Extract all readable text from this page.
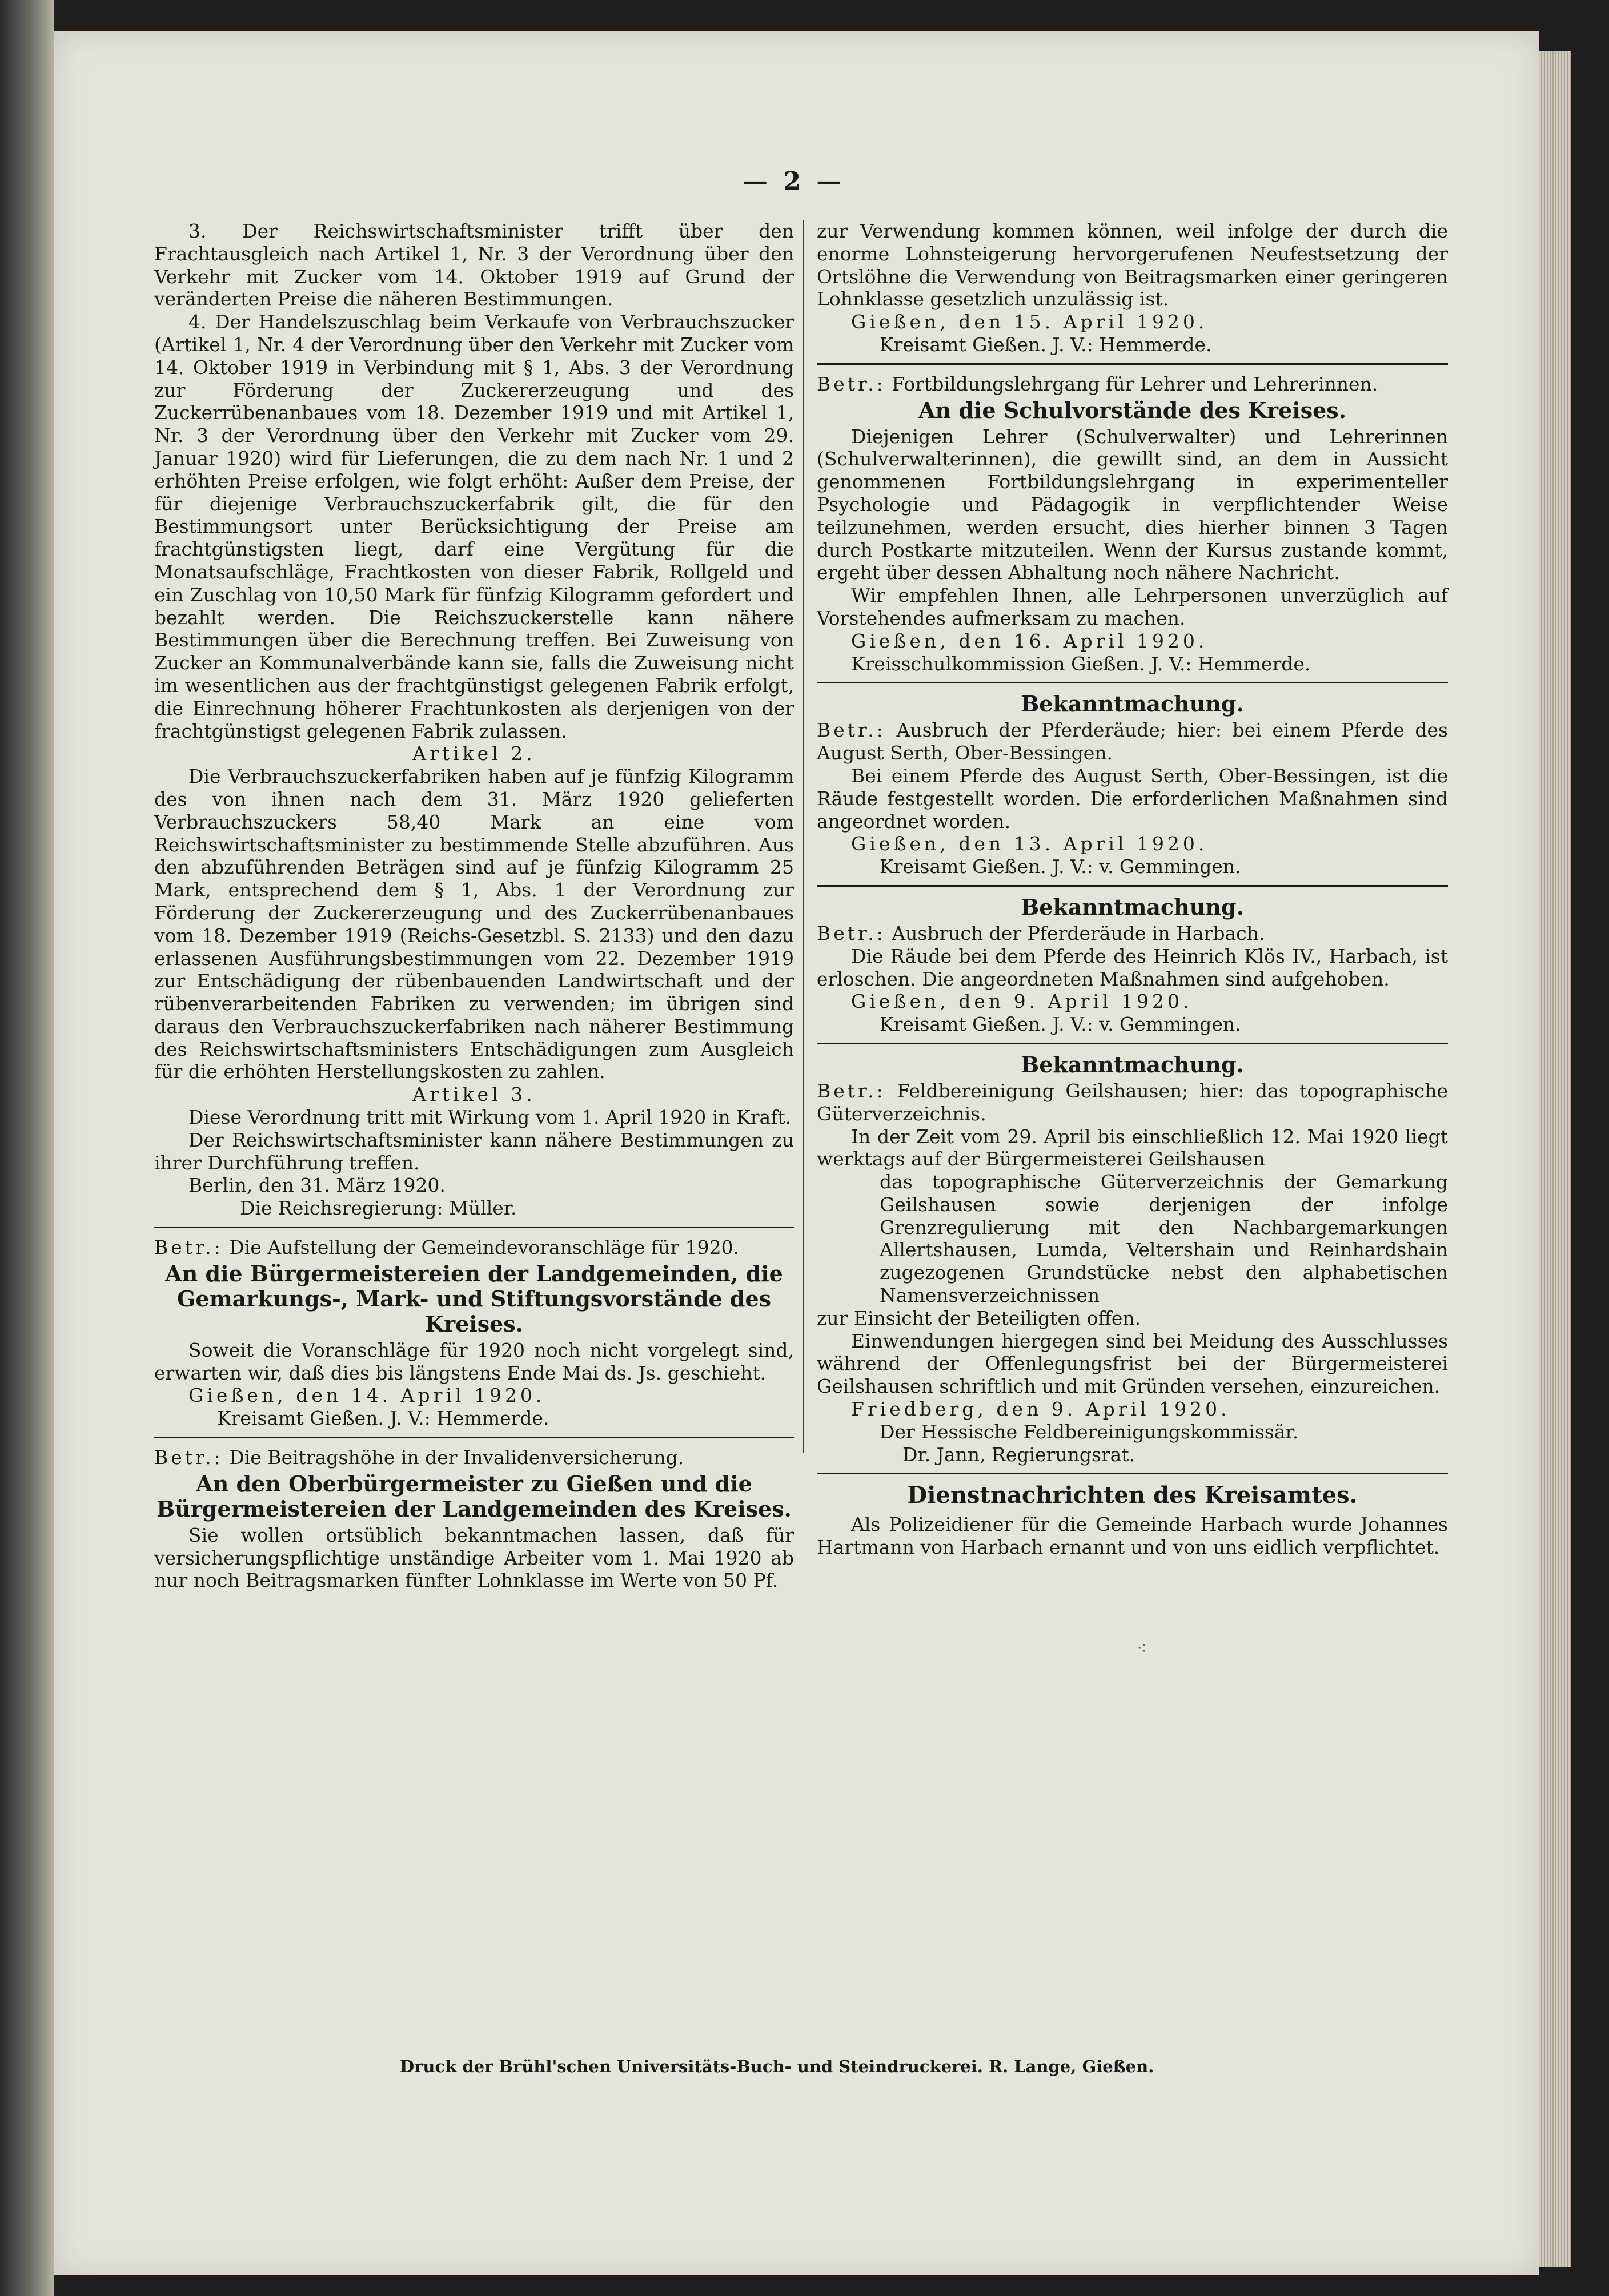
— 2 —

3. Der Reichswirtschaftsminister trifft über den Frachtausgleich nach Artikel 1, Nr. 3 der Verordnung über den Verkehr mit Zucker vom 14. Oktober 1919 auf Grund der veränderten Preise die näheren Bestimmungen.

4. Der Handelszuschlag beim Verkaufe von Verbrauchszucker (Artikel 1, Nr. 4 der Verordnung über den Verkehr mit Zucker vom 14. Oktober 1919 in Verbindung mit § 1, Abs. 3 der Verordnung zur Förderung der Zuckererzeugung und des Zuckerrübenanbaues vom 18. Dezember 1919 und mit Artikel 1, Nr. 3 der Verordnung über den Verkehr mit Zucker vom 29. Januar 1920) wird für Lieferungen, die zu dem nach Nr. 1 und 2 erhöhten Preise erfolgen, wie folgt erhöht: Außer dem Preise, der für diejenige Verbrauchszuckerfabrik gilt, die für den Bestimmungsort unter Berücksichtigung der Preise am frachtgünstigsten liegt, darf eine Vergütung für die Monatsaufschläge, Frachtkosten von dieser Fabrik, Rollgeld und ein Zuschlag von 10,50 Mark für fünfzig Kilogramm gefordert und bezahlt werden. Die Reichszuckerstelle kann nähere Bestimmungen über die Berechnung treffen. Bei Zuweisung von Zucker an Kommunalverbände kann sie, falls die Zuweisung nicht im wesentlichen aus der frachtgünstigst gelegenen Fabrik erfolgt, die Einrechnung höherer Frachtunkosten als derjenigen von der frachtgünstigst gelegenen Fabrik zulassen.

Artikel 2.

Die Verbrauchszuckerfabriken haben auf je fünfzig Kilogramm des von ihnen nach dem 31. März 1920 gelieferten Verbrauchszuckers 58,40 Mark an eine vom Reichswirtschaftsminister zu bestimmende Stelle abzuführen. Aus den abzuführenden Beträgen sind auf je fünfzig Kilogramm 25 Mark, entsprechend dem § 1, Abs. 1 der Verordnung zur Förderung der Zuckererzeugung und des Zuckerrübenanbaues vom 18. Dezember 1919 (Reichs-Gesetzbl. S. 2133) und den dazu erlassenen Ausführungsbestimmungen vom 22. Dezember 1919 zur Entschädigung der rübenbauenden Landwirtschaft und der rübenverarbeitenden Fabriken zu verwenden; im übrigen sind daraus den Verbrauchszuckerfabriken nach näherer Bestimmung des Reichswirtschaftsministers Entschädigungen zum Ausgleich für die erhöhten Herstellungskosten zu zahlen.

Artikel 3.

Diese Verordnung tritt mit Wirkung vom 1. April 1920 in Kraft.

Der Reichswirtschaftsminister kann nähere Bestimmungen zu ihrer Durchführung treffen.

Berlin, den 31. März 1920.

Die Reichsregierung: Müller.

Betr.: Die Aufstellung der Gemeindevoranschläge für 1920.

An die Bürgermeistereien der Landgemeinden, die Gemarkungs-, Mark- und Stiftungsvorstände des Kreises.

Soweit die Voranschläge für 1920 noch nicht vorgelegt sind, erwarten wir, daß dies bis längstens Ende Mai ds. Js. geschieht.

Gießen, den 14. April 1920.

Kreisamt Gießen. J. V.: Hemmerde.

Betr.: Die Beitragshöhe in der Invalidenversicherung.

An den Oberbürgermeister zu Gießen und die Bürgermeistereien der Landgemeinden des Kreises.

Sie wollen ortsüblich bekanntmachen lassen, daß für versicherungspflichtige unständige Arbeiter vom 1. Mai 1920 ab nur noch Beitragsmarken fünfter Lohnklasse im Werte von 50 Pf.

zur Verwendung kommen können, weil infolge der durch die enorme Lohnsteigerung hervorgerufenen Neufestsetzung der Ortslöhne die Verwendung von Beitragsmarken einer geringeren Lohnklasse gesetzlich unzulässig ist.

Gießen, den 15. April 1920.

Kreisamt Gießen. J. V.: Hemmerde.

Betr.: Fortbildungslehrgang für Lehrer und Lehrerinnen.

An die Schulvorstände des Kreises.

Diejenigen Lehrer (Schulverwalter) und Lehrerinnen (Schulverwalterinnen), die gewillt sind, an dem in Aussicht genommenen Fortbildungslehrgang in experimenteller Psychologie und Pädagogik in verpflichtender Weise teilzunehmen, werden ersucht, dies hierher binnen 3 Tagen durch Postkarte mitzuteilen. Wenn der Kursus zustande kommt, ergeht über dessen Abhaltung noch nähere Nachricht.

Wir empfehlen Ihnen, alle Lehrpersonen unverzüglich auf Vorstehendes aufmerksam zu machen.

Gießen, den 16. April 1920.

Kreisschulkommission Gießen. J. V.: Hemmerde.

Bekanntmachung.

Betr.: Ausbruch der Pferderäude; hier: bei einem Pferde des August Serth, Ober-Bessingen.

Bei einem Pferde des August Serth, Ober-Bessingen, ist die Räude festgestellt worden. Die erforderlichen Maßnahmen sind angeordnet worden.

Gießen, den 13. April 1920.

Kreisamt Gießen. J. V.: v. Gemmingen.

Bekanntmachung.

Betr.: Ausbruch der Pferderäude in Harbach.

Die Räude bei dem Pferde des Heinrich Klös IV., Harbach, ist erloschen. Die angeordneten Maßnahmen sind aufgehoben.

Gießen, den 9. April 1920.

Kreisamt Gießen. J. V.: v. Gemmingen.

Bekanntmachung.

Betr.: Feldbereinigung Geilshausen; hier: das topographische Güterverzeichnis.

In der Zeit vom 29. April bis einschließlich 12. Mai 1920 liegt werktags auf der Bürgermeisterei Geilshausen

das topographische Güterverzeichnis der Gemarkung Geilshausen sowie derjenigen der infolge Grenzregulierung mit den Nachbargemarkungen Allertshausen, Lumda, Veltershain und Reinhardshain zugezogenen Grundstücke nebst den alphabetischen Namensverzeichnissen

zur Einsicht der Beteiligten offen.

Einwendungen hiergegen sind bei Meidung des Ausschlusses während der Offenlegungsfrist bei der Bürgermeisterei Geilshausen schriftlich und mit Gründen versehen, einzureichen.

Friedberg, den 9. April 1920.

Der Hessische Feldbereinigungskommissär.

Dr. Jann, Regierungsrat.

Dienstnachrichten des Kreisamtes.

Als Polizeidiener für die Gemeinde Harbach wurde Johannes Hartmann von Harbach ernannt und von uns eidlich verpflichtet.

⁖
Druck der Brühl'schen Universitäts-Buch- und Steindruckerei. R. Lange, Gießen.
